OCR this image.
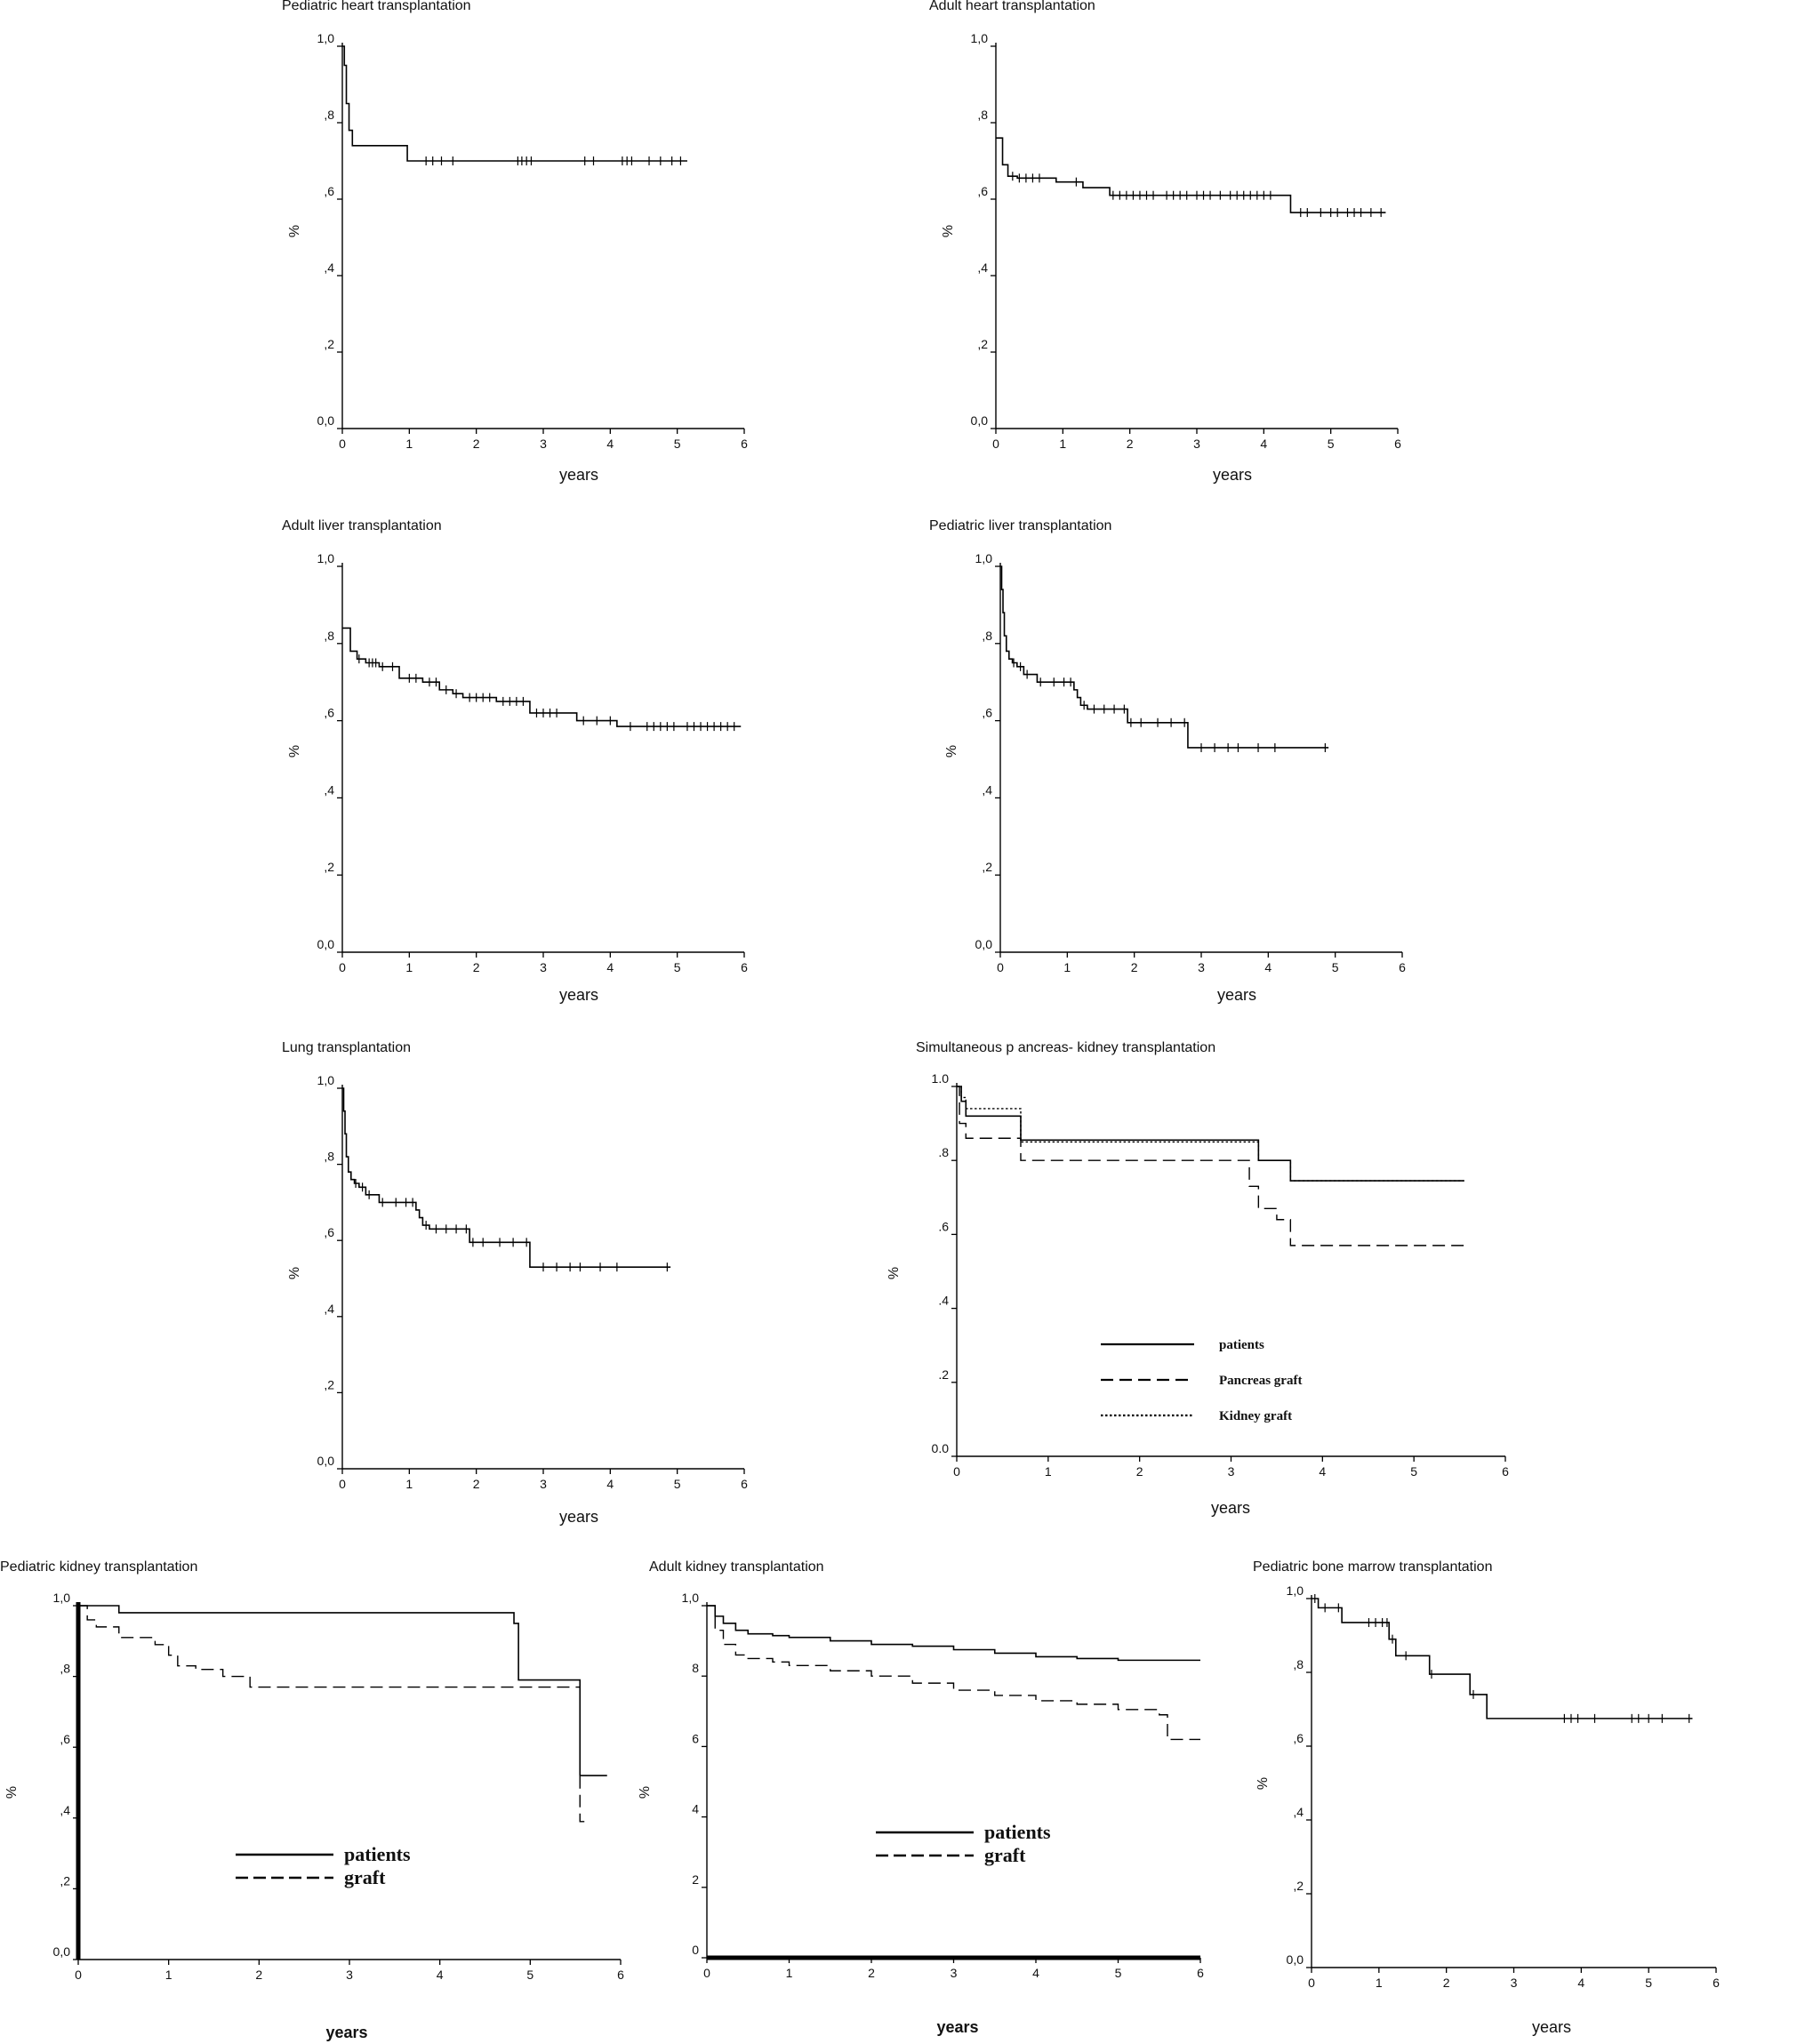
Pediatric heart transplantation
0	1	2	3	4	5	6
0,0
,2
,4
,6
,8
1,0
%
years
Adult heart transplantation
0	1	2	3	4	5	6
0,0
,2
,4
,6
,8
1,0
%
years
Adult liver transplantation
0	1	2	3	4	5	6
0,0
,2
,4
,6
,8
1,0
%
years
Pediatric liver transplantation
0	1	2	3	4	5	6
0,0
,2
,4
,6
,8
1,0
%
years
Lung transplantation
0	1	2	3	4	5	6
0,0
,2
,4
,6
,8
1,0
%
years
Simultaneous p ancreas- kidney transplantation
0	1	2	3	4	5	6
0.0
.2
.4
.6
.8
1.0
%
years
patients
Pancreas graft
Kidney graft
Pediatric kidney transplantation
0	1	2	3	4	5	6
0,0
,2
,4
,6
,8
1,0
%
years
patients
graft
Adult kidney transplantation
0	1	2	3	4	5	6
0
2
4
6
8
1,0
%
years
patients
graft
Pediatric bone marrow transplantation
0	1	2	3	4	5	6
0,0
,2
,4
,6
,8
1,0
%
years
